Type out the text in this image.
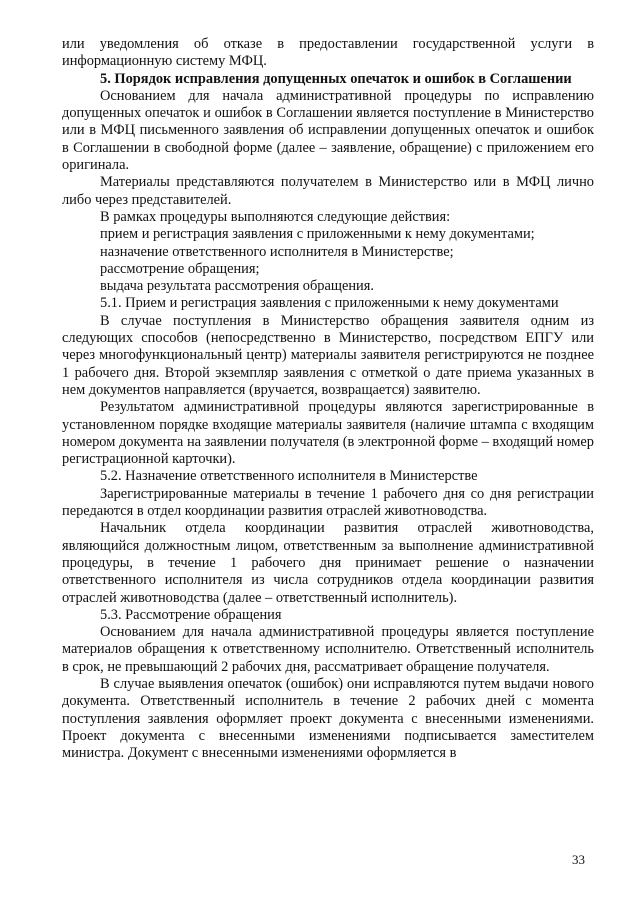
или уведомления об отказе в предоставлении государственной услуги в информационную систему МФЦ.

5. Порядок исправления допущенных опечаток и ошибок в Соглашении

Основанием для начала административной процедуры по исправлению допущенных опечаток и ошибок в Соглашении является поступление в Министерство или в МФЦ письменного заявления об исправлении допущенных опечаток и ошибок в Соглашении в свободной форме (далее – заявление, обращение) с приложением его оригинала.

Материалы представляются получателем в Министерство или в МФЦ лично либо через представителей.

В рамках процедуры выполняются следующие действия:

прием и регистрация заявления с приложенными к нему документами;

назначение ответственного исполнителя в Министерстве;

рассмотрение обращения;

выдача результата рассмотрения обращения.

5.1. Прием и регистрация заявления с приложенными к нему документами

В случае поступления в Министерство обращения заявителя одним из следующих способов (непосредственно в Министерство, посредством ЕПГУ или через многофункциональный центр) материалы заявителя регистрируются не позднее 1 рабочего дня. Второй экземпляр заявления с отметкой о дате приема указанных в нем документов направляется (вручается, возвращается) заявителю.

Результатом административной процедуры являются зарегистрированные в установленном порядке входящие материалы заявителя (наличие штампа с входящим номером документа на заявлении получателя (в электронной форме – входящий номер регистрационной карточки).

5.2. Назначение ответственного исполнителя в Министерстве

Зарегистрированные материалы в течение 1 рабочего дня со дня регистрации передаются в отдел координации развития отраслей животноводства.

Начальник отдела координации развития отраслей животноводства, являющийся должностным лицом, ответственным за выполнение административной процедуры, в течение 1 рабочего дня принимает решение о назначении ответственного исполнителя из числа сотрудников отдела координации развития отраслей животноводства (далее – ответственный исполнитель).

5.3. Рассмотрение обращения

Основанием для начала административной процедуры является поступление материалов обращения к ответственному исполнителю. Ответственный исполнитель в срок, не превышающий 2 рабочих дня, рассматривает обращение получателя.

В случае выявления опечаток (ошибок) они исправляются путем выдачи нового документа. Ответственный исполнитель в течение 2 рабочих дней с момента поступления заявления оформляет проект документа с внесенными изменениями. Проект документа с внесенными изменениями подписывается заместителем министра. Документ с внесенными изменениями оформляется в

33
